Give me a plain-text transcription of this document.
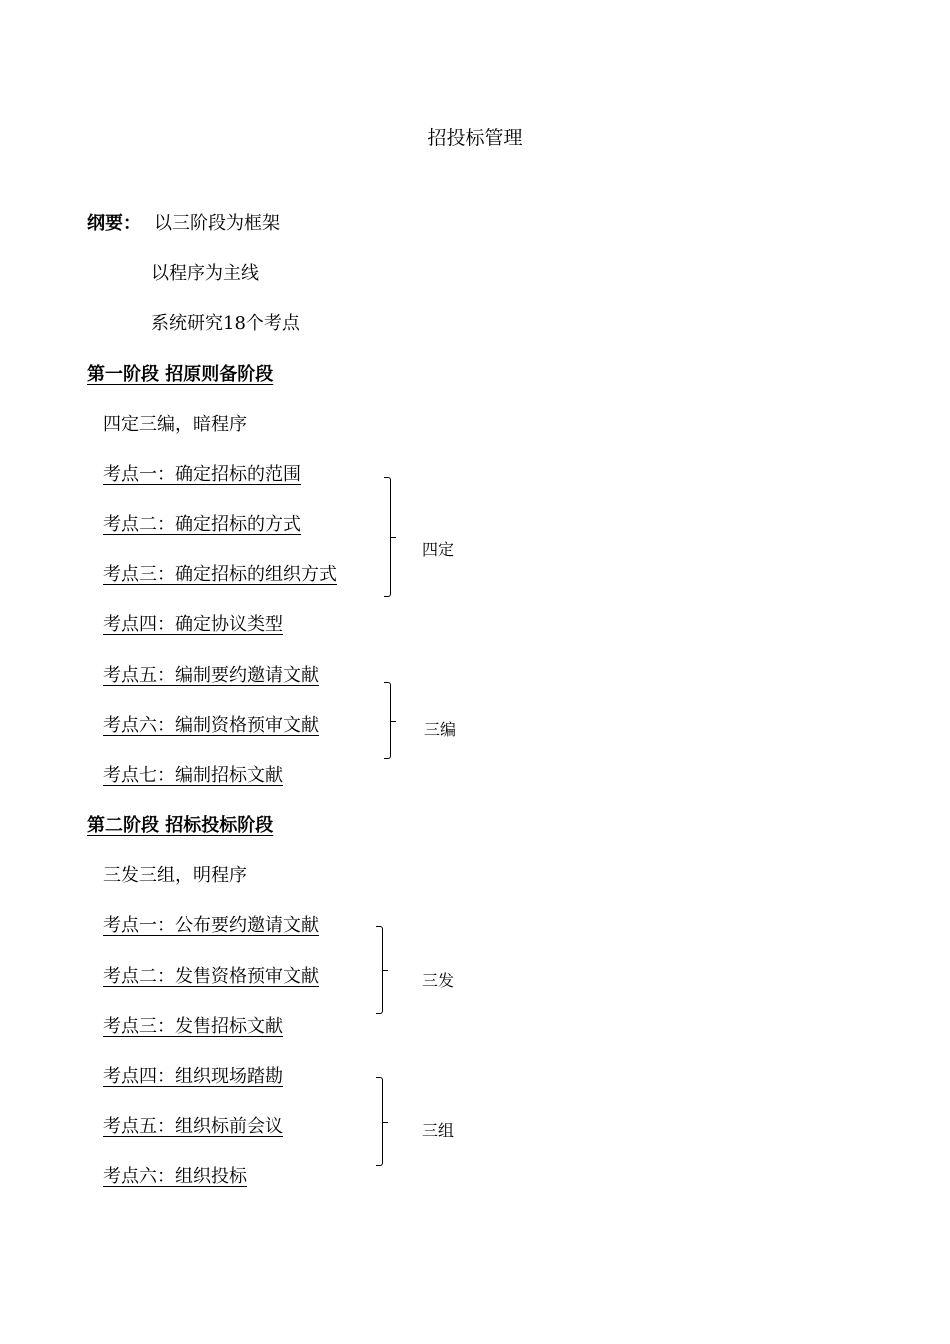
招投标管理
纲要： 以三阶段为框架
以程序为主线
系统研究18个考点
第一阶段 招原则备阶段
四定三编，暗程序
考点一：确定招标的范围
考点二：确定招标的方式
考点三：确定招标的组织方式
考点四：确定协议类型
考点五：编制要约邀请文献
考点六：编制资格预审文献
考点七：编制招标文献
四定
三编
第二阶段 招标投标阶段
三发三组，明程序
考点一：公布要约邀请文献
考点二：发售资格预审文献
考点三：发售招标文献
考点四：组织现场踏勘
考点五：组织标前会议
考点六：组织投标
三发
三组
